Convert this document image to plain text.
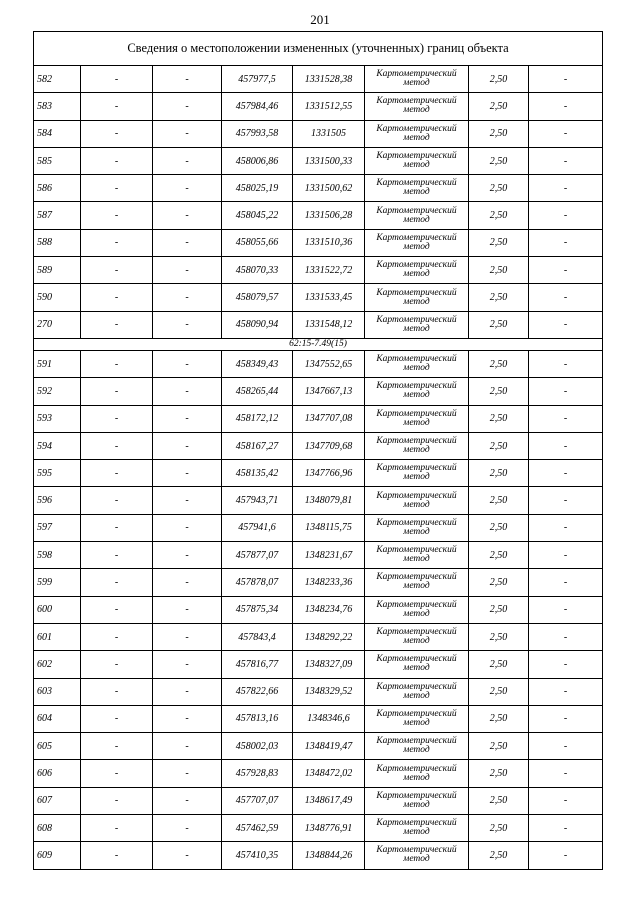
201
Сведения о местоположении измененных (уточненных) границ объекта							
582	-	-	457977,5	1331528,38	Картометрический метод	2,50	-
583	-	-	457984,46	1331512,55	Картометрический метод	2,50	-
584	-	-	457993,58	1331505	Картометрический метод	2,50	-
585	-	-	458006,86	1331500,33	Картометрический метод	2,50	-
586	-	-	458025,19	1331500,62	Картометрический метод	2,50	-
587	-	-	458045,22	1331506,28	Картометрический метод	2,50	-
588	-	-	458055,66	1331510,36	Картометрический метод	2,50	-
589	-	-	458070,33	1331522,72	Картометрический метод	2,50	-
590	-	-	458079,57	1331533,45	Картометрический метод	2,50	-
270	-	-	458090,94	1331548,12	Картометрический метод	2,50	-
62:15-7.49(15)							
591	-	-	458349,43	1347552,65	Картометрический метод	2,50	-
592	-	-	458265,44	1347667,13	Картометрический метод	2,50	-
593	-	-	458172,12	1347707,08	Картометрический метод	2,50	-
594	-	-	458167,27	1347709,68	Картометрический метод	2,50	-
595	-	-	458135,42	1347766,96	Картометрический метод	2,50	-
596	-	-	457943,71	1348079,81	Картометрический метод	2,50	-
597	-	-	457941,6	1348115,75	Картометрический метод	2,50	-
598	-	-	457877,07	1348231,67	Картометрический метод	2,50	-
599	-	-	457878,07	1348233,36	Картометрический метод	2,50	-
600	-	-	457875,34	1348234,76	Картометрический метод	2,50	-
601	-	-	457843,4	1348292,22	Картометрический метод	2,50	-
602	-	-	457816,77	1348327,09	Картометрический метод	2,50	-
603	-	-	457822,66	1348329,52	Картометрический метод	2,50	-
604	-	-	457813,16	1348346,6	Картометрический метод	2,50	-
605	-	-	458002,03	1348419,47	Картометрический метод	2,50	-
606	-	-	457928,83	1348472,02	Картометрический метод	2,50	-
607	-	-	457707,07	1348617,49	Картометрический метод	2,50	-
608	-	-	457462,59	1348776,91	Картометрический метод	2,50	-
609	-	-	457410,35	1348844,26	Картометрический метод	2,50	-
